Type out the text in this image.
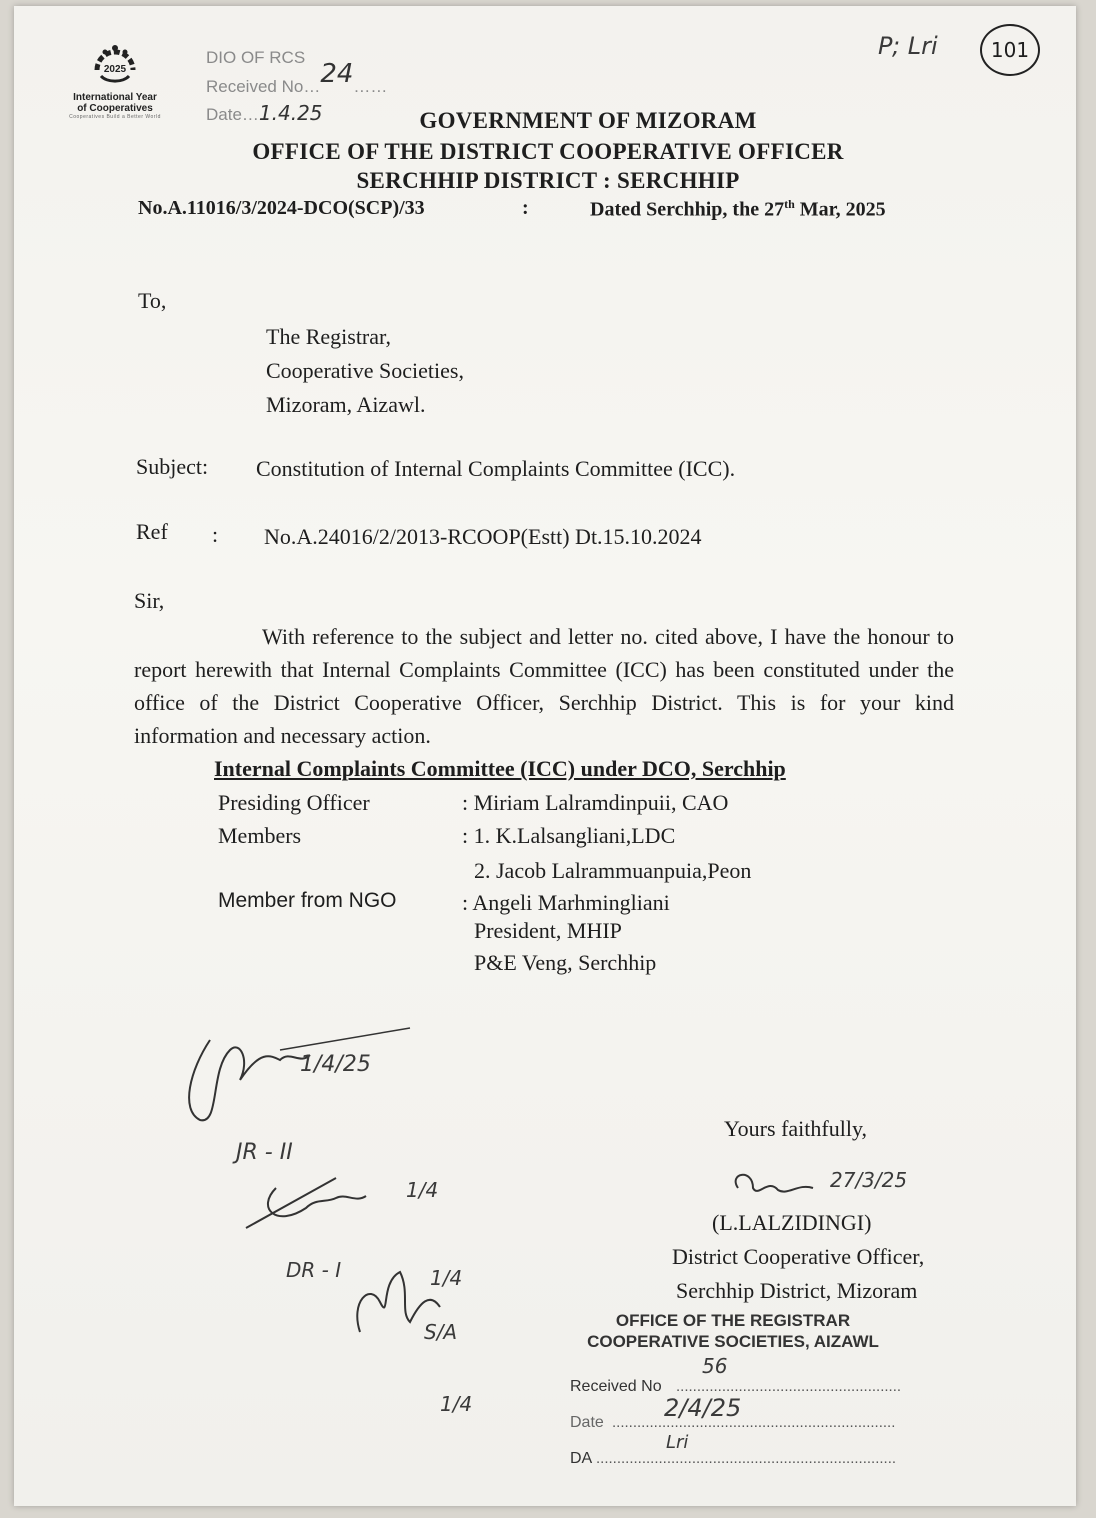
2025
International Year
of Cooperatives
Cooperatives Build a Better World
DIO OF RCS
Received No…24……
Date…1.4.25
P; Lri	101
GOVERNMENT OF MIZORAM
OFFICE OF THE DISTRICT COOPERATIVE OFFICER
SERCHHIP DISTRICT : SERCHHIP
No.A.11016/3/2024-DCO(SCP)/33	:	Dated Serchhip, the 27th Mar, 2025
To,
The Registrar,
Cooperative Societies,
Mizoram, Aizawl.
Subject: Constitution of Internal Complaints Committee (ICC).
Ref : No.A.24016/2/2013-RCOOP(Estt) Dt.15.10.2024
Sir,
With reference to the subject and letter no. cited above, I have the honour to report herewith that Internal Complaints Committee (ICC) has been constituted under the office of the District Cooperative Officer, Serchhip District. This is for your kind information and necessary action.
Internal Complaints Committee (ICC) under DCO, Serchhip
Presiding Officer	: Miriam Lalramdinpuii, CAO
Members	: 1. K.Lalsangliani,LDC
2. Jacob Lalrammuanpuia,Peon
Member from NGO	: Angeli Marhmingliani
President, MHIP
P&E Veng, Serchhip
1/4/25
JR - II
1/4
DR - I	1/4
S/A
1/4
Yours faithfully,
27/3/25
(L.LALZIDINGI)
District Cooperative Officer,
Serchhip District, Mizoram
OFFICE OF THE REGISTRAR
COOPERATIVE SOCIETIES, AIZAWL
56
Received No ......................................................
2/4/25
Date ....................................................................
Lri
DA ........................................................................
